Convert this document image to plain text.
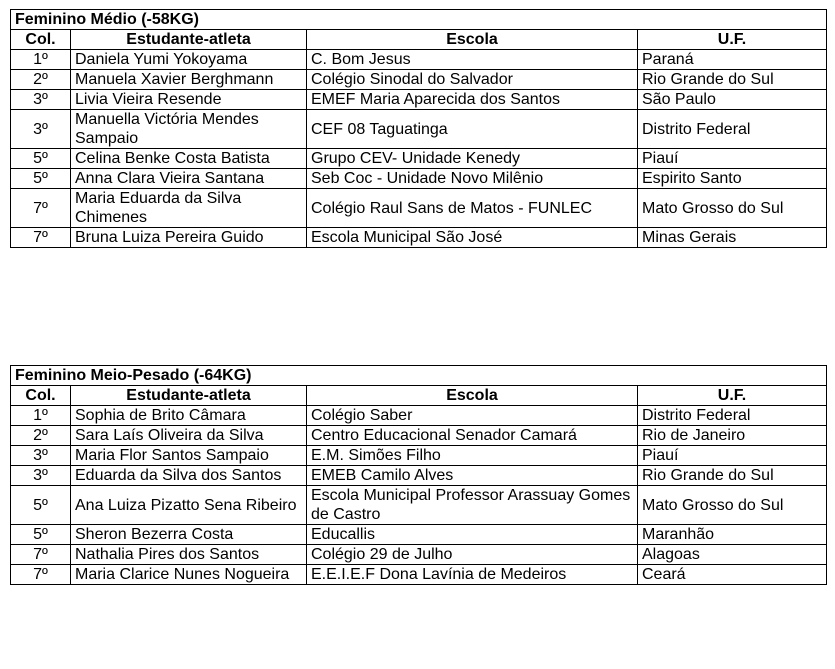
Feminino Médio (-58KG)			
Col.	Estudante-atleta	Escola	U.F.
1º	Daniela Yumi Yokoyama	C. Bom Jesus	Paraná
2º	Manuela Xavier Berghmann	Colégio Sinodal do Salvador	Rio Grande do Sul
3º	Livia Vieira Resende	EMEF Maria Aparecida dos Santos	São Paulo
3º	Manuella Victória Mendes Sampaio	CEF 08 Taguatinga	Distrito Federal
5º	Celina Benke Costa Batista	Grupo CEV- Unidade Kenedy	Piauí
5º	Anna Clara Vieira Santana	Seb Coc - Unidade Novo Milênio	Espirito Santo
7º	Maria Eduarda da Silva Chimenes	Colégio Raul Sans de Matos - FUNLEC	Mato Grosso do Sul
7º	Bruna Luiza Pereira Guido	Escola Municipal São José	Minas Gerais
Feminino Meio-Pesado (-64KG)			
Col.	Estudante-atleta	Escola	U.F.
1º	Sophia de Brito Câmara	Colégio Saber	Distrito Federal
2º	Sara Laís Oliveira da Silva	Centro Educacional Senador Camará	Rio de Janeiro
3º	Maria Flor Santos Sampaio	E.M. Simões Filho	Piauí
3º	Eduarda da Silva dos Santos	EMEB Camilo Alves	Rio Grande do Sul
5º	Ana Luiza Pizatto Sena Ribeiro	Escola Municipal Professor Arassuay Gomes de Castro	Mato Grosso do Sul
5º	Sheron Bezerra Costa	Educallis	Maranhão
7º	Nathalia Pires dos Santos	Colégio 29 de Julho	Alagoas
7º	Maria Clarice Nunes Nogueira	E.E.I.E.F Dona Lavínia de Medeiros	Ceará
